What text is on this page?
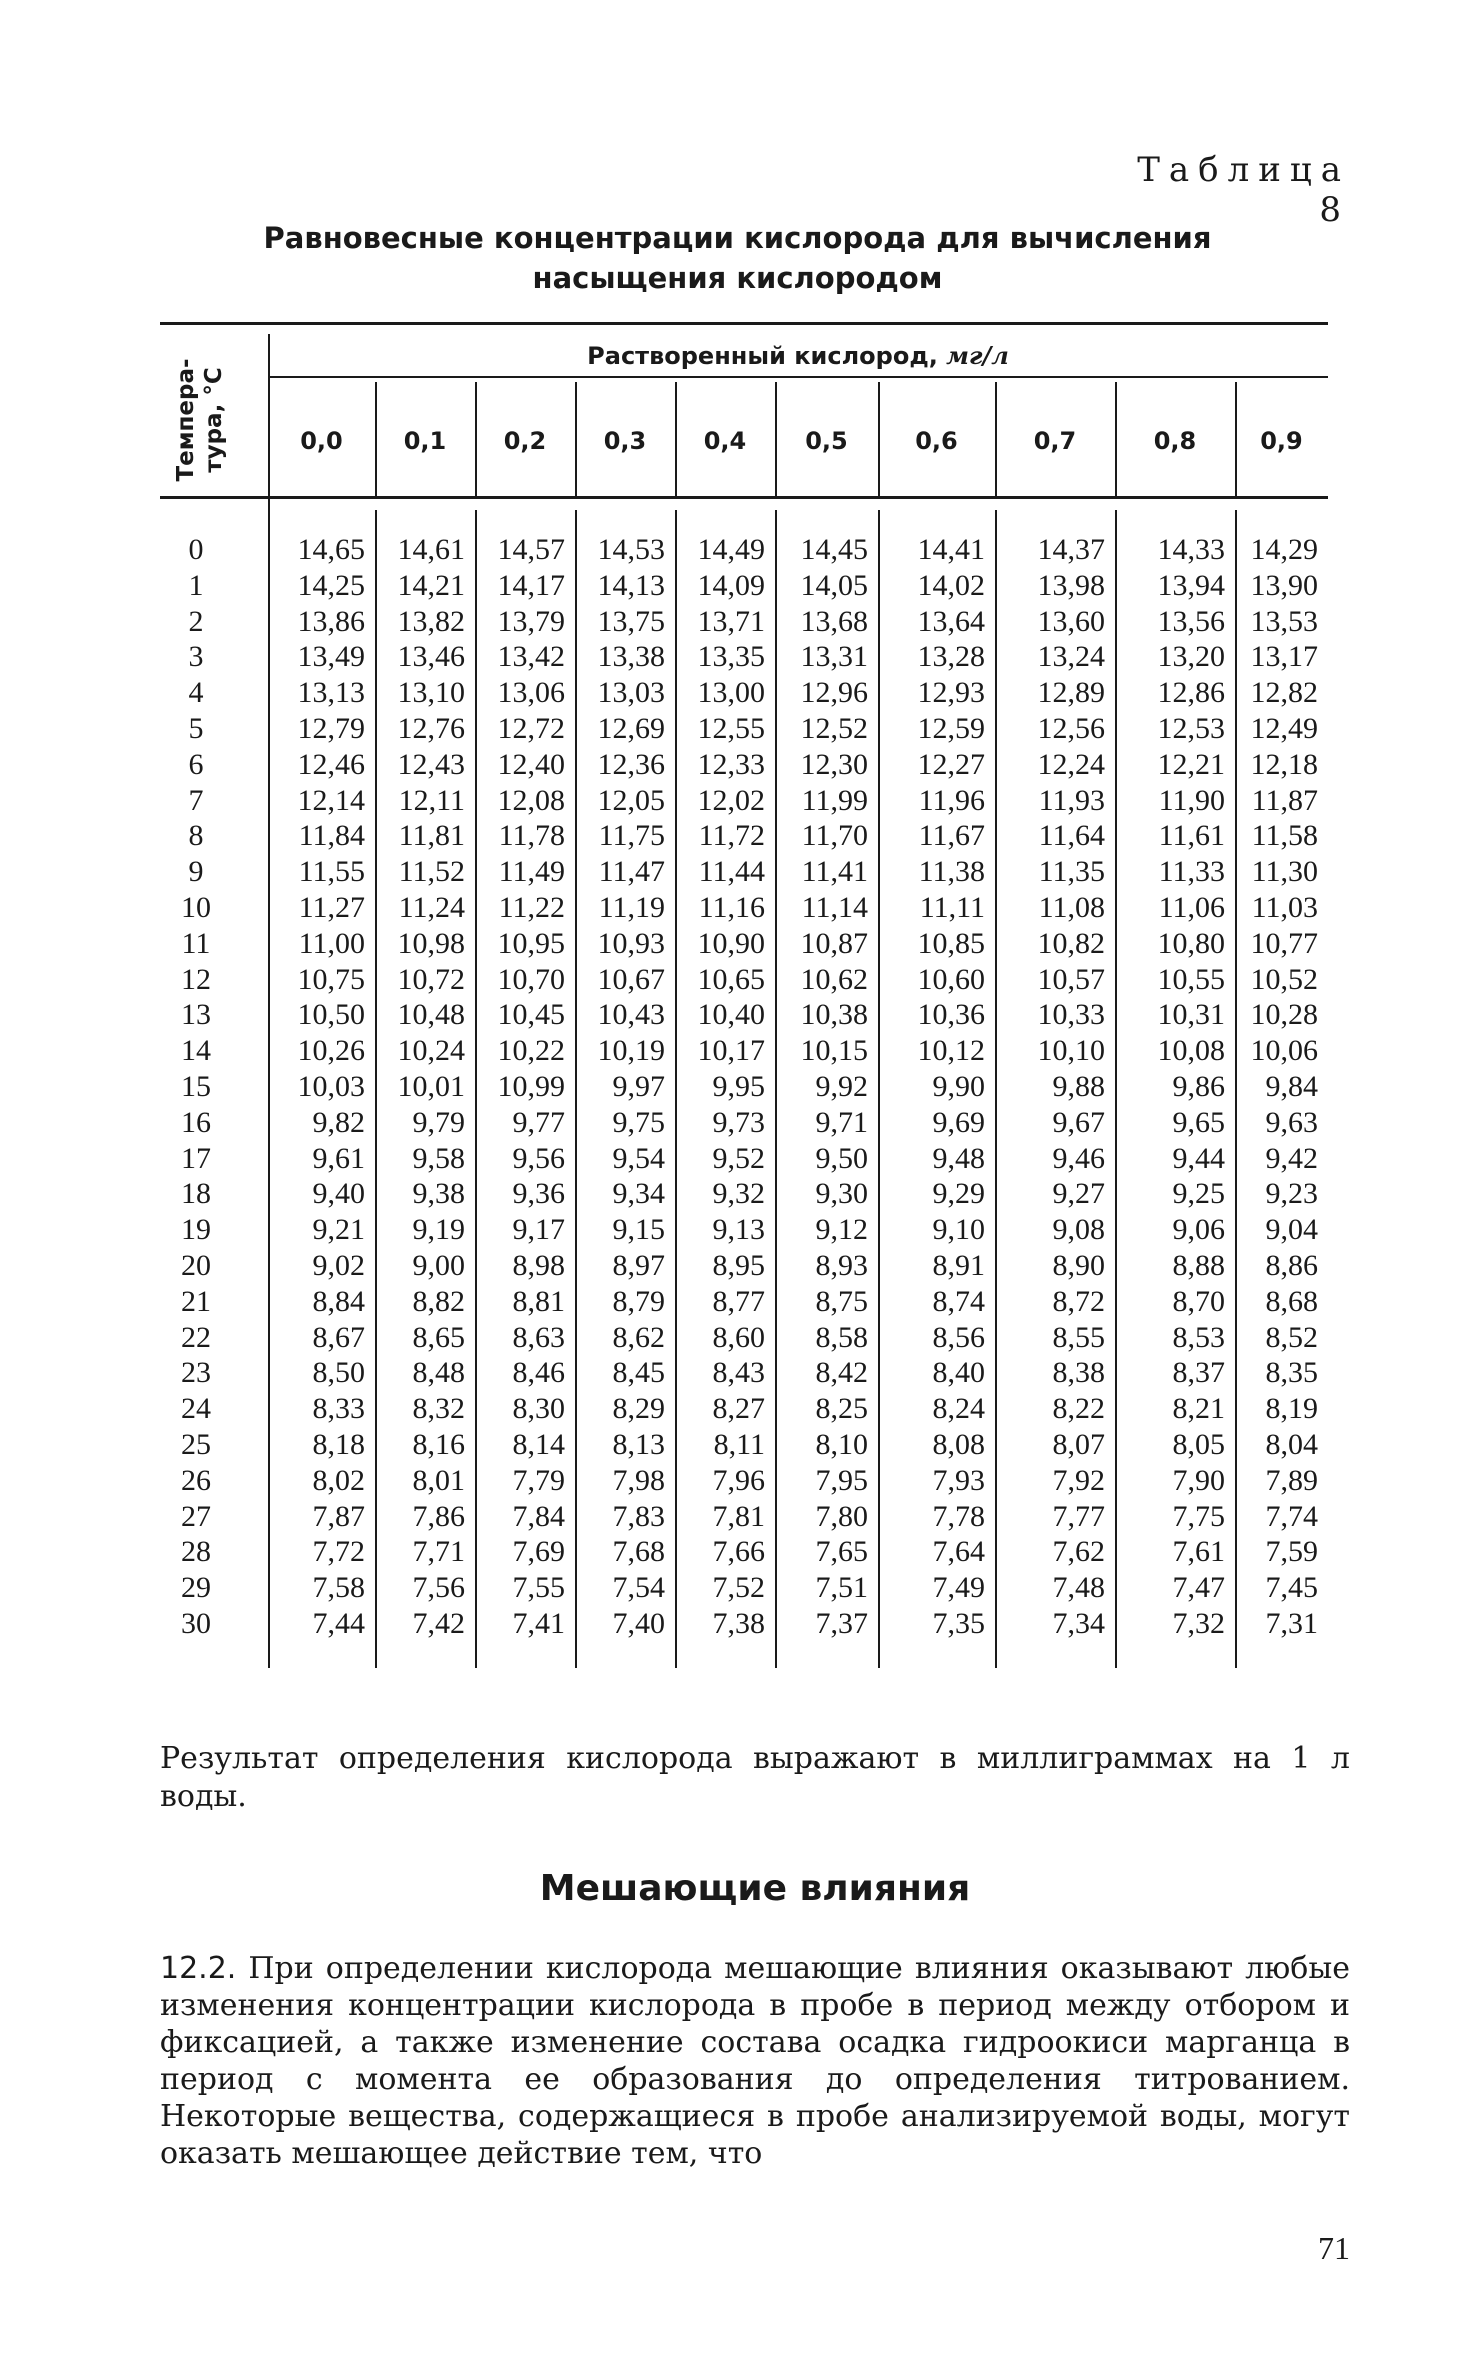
Таблица 8
Равновесные концентрации кислорода для вычисления насыщения кислородом
Темпера-
тура, °С
Растворенный кислород, мг/л
0,0	0,1	0,2	0,3	0,4	0,5	0,6	0,7	0,8	0,9
0	14,65	14,61	14,57	14,53	14,49	14,45	14,41	14,37	14,33 14,29
1	14,25	14,21	14,17	14,13	14,09	14,05	14,02	13,98	13,94 13,90
2	13,86	13,82	13,79	13,75	13,71	13,68	13,64	13,60	13,56 13,53
3	13,49	13,46	13,42	13,38	13,35	13,31	13,28	13,24	13,20 13,17
4	13,13	13,10	13,06	13,03	13,00	12,96	12,93	12,89	12,86 12,82
5	12,79	12,76	12,72	12,69	12,55	12,52	12,59	12,56	12,53 12,49
6	12,46	12,43	12,40	12,36	12,33	12,30	12,27	12,24	12,21 12,18
7	12,14	12,11	12,08	12,05	12,02	11,99	11,96	11,93	11,90 11,87
8	11,84	11,81	11,78	11,75	11,72	11,70	11,67	11,64	11,61 11,58
9	11,55	11,52	11,49	11,47	11,44	11,41	11,38	11,35	11,33 11,30
10	11,27	11,24	11,22	11,19	11,16	11,14	11,11	11,08	11,06 11,03
11	11,00	10,98	10,95	10,93	10,90	10,87	10,85	10,82	10,80 10,77
12	10,75	10,72	10,70	10,67	10,65	10,62	10,60	10,57	10,55 10,52
13	10,50	10,48	10,45	10,43	10,40	10,38	10,36	10,33	10,31 10,28
14	10,26	10,24	10,22	10,19	10,17	10,15	10,12	10,10	10,08 10,06
15	10,03	10,01	10,99	9,97	9,95	9,92	9,90	9,88	9,86	9,84
16	9,82	9,79	9,77	9,75	9,73	9,71	9,69	9,67	9,65	9,63
17	9,61	9,58	9,56	9,54	9,52	9,50	9,48	9,46	9,44	9,42
18	9,40	9,38	9,36	9,34	9,32	9,30	9,29	9,27	9,25	9,23
19	9,21	9,19	9,17	9,15	9,13	9,12	9,10	9,08	9,06	9,04
20	9,02	9,00	8,98	8,97	8,95	8,93	8,91	8,90	8,88	8,86
21	8,84	8,82	8,81	8,79	8,77	8,75	8,74	8,72	8,70	8,68
22	8,67	8,65	8,63	8,62	8,60	8,58	8,56	8,55	8,53	8,52
23	8,50	8,48	8,46	8,45	8,43	8,42	8,40	8,38	8,37	8,35
24	8,33	8,32	8,30	8,29	8,27	8,25	8,24	8,22	8,21	8,19
25	8,18	8,16	8,14	8,13	8,11	8,10	8,08	8,07	8,05	8,04
26	8,02	8,01	7,79	7,98	7,96	7,95	7,93	7,92	7,90	7,89
27	7,87	7,86	7,84	7,83	7,81	7,80	7,78	7,77	7,75	7,74
28	7,72	7,71	7,69	7,68	7,66	7,65	7,64	7,62	7,61	7,59
29	7,58	7,56	7,55	7,54	7,52	7,51	7,49	7,48	7,47	7,45
30	7,44	7,42	7,41	7,40	7,38	7,37	7,35	7,34	7,32	7,31
Результат определения кислорода выражают в миллиграммах на 1 л воды.
Мешающие влияния
12.2. При определении кислорода мешающие влияния оказывают любые изменения концентрации кислорода в пробе в период между отбором и фиксацией, а также изменение состава осадка гидроокиси марганца в период с момента ее образования до определения титрованием. Некоторые вещества, содержащиеся в пробе анализируемой воды, могут оказать мешающее действие тем, что
71
